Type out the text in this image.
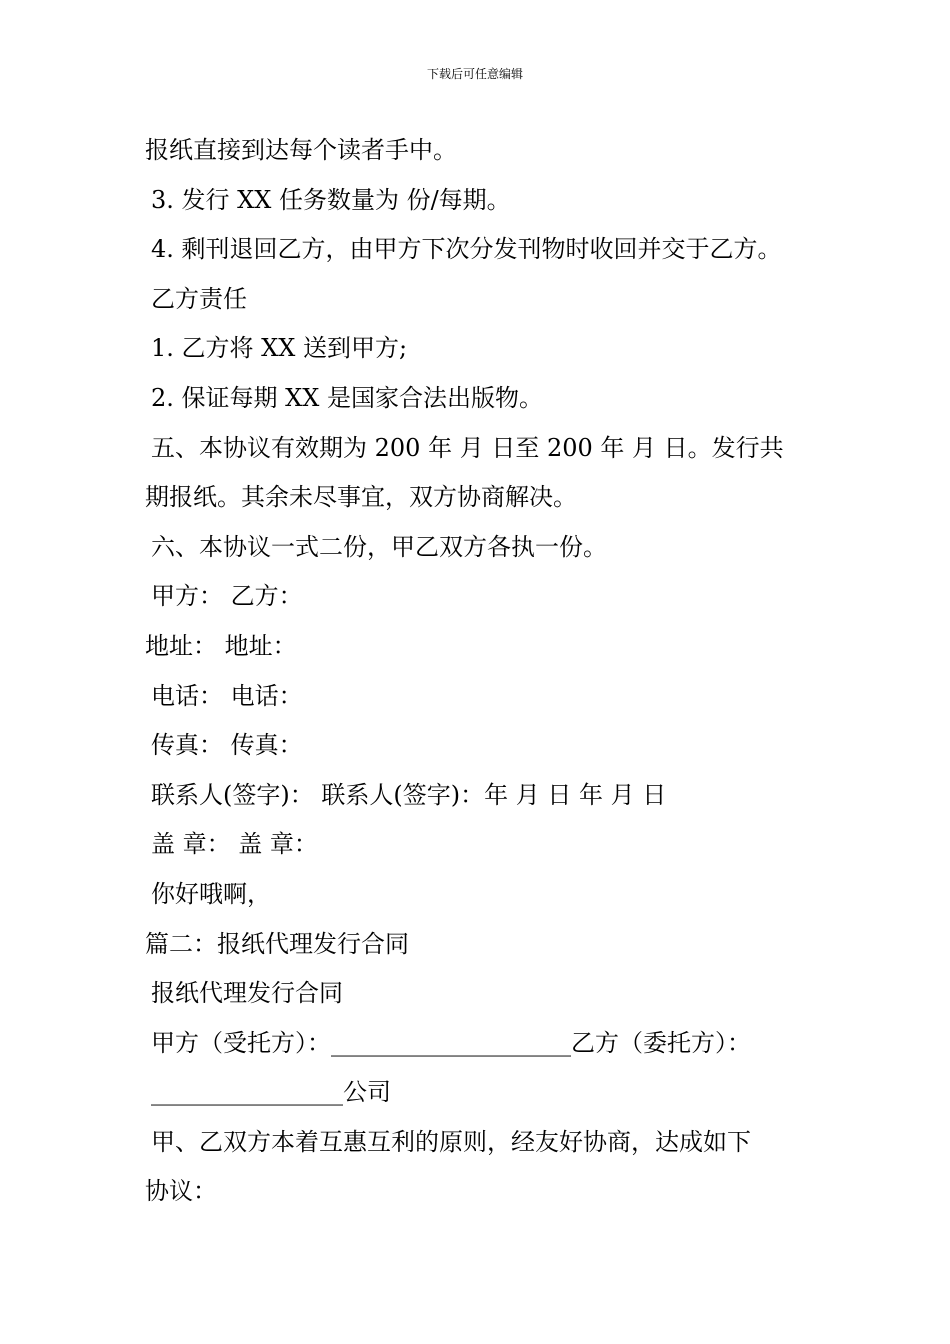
下载后可任意编辑
报纸直接到达每个读者手中。
3. 发行 XX 任务数量为 份/每期。
4. 剩刊退回乙方，由甲方下次分发刊物时收回并交于乙方。
乙方责任
1. 乙方将 XX 送到甲方;
2. 保证每期 XX 是国家合法出版物。
五、本协议有效期为 200 年 月 日至 200 年 月 日。发行共
期报纸。其余未尽事宜，双方协商解决。
六、本协议一式二份，甲乙双方各执一份。
甲方： 乙方：
地址： 地址：
电话： 电话：
传真： 传真：
联系人(签字)： 联系人(签字)：年 月 日 年 月 日
盖 章： 盖 章：
你好哦啊，
篇二：报纸代理发行合同
报纸代理发行合同
甲方（受托方）：____________________乙方（委托方）：
________________公司
甲、乙双方本着互惠互利的原则，经友好协商，达成如下
协议：
